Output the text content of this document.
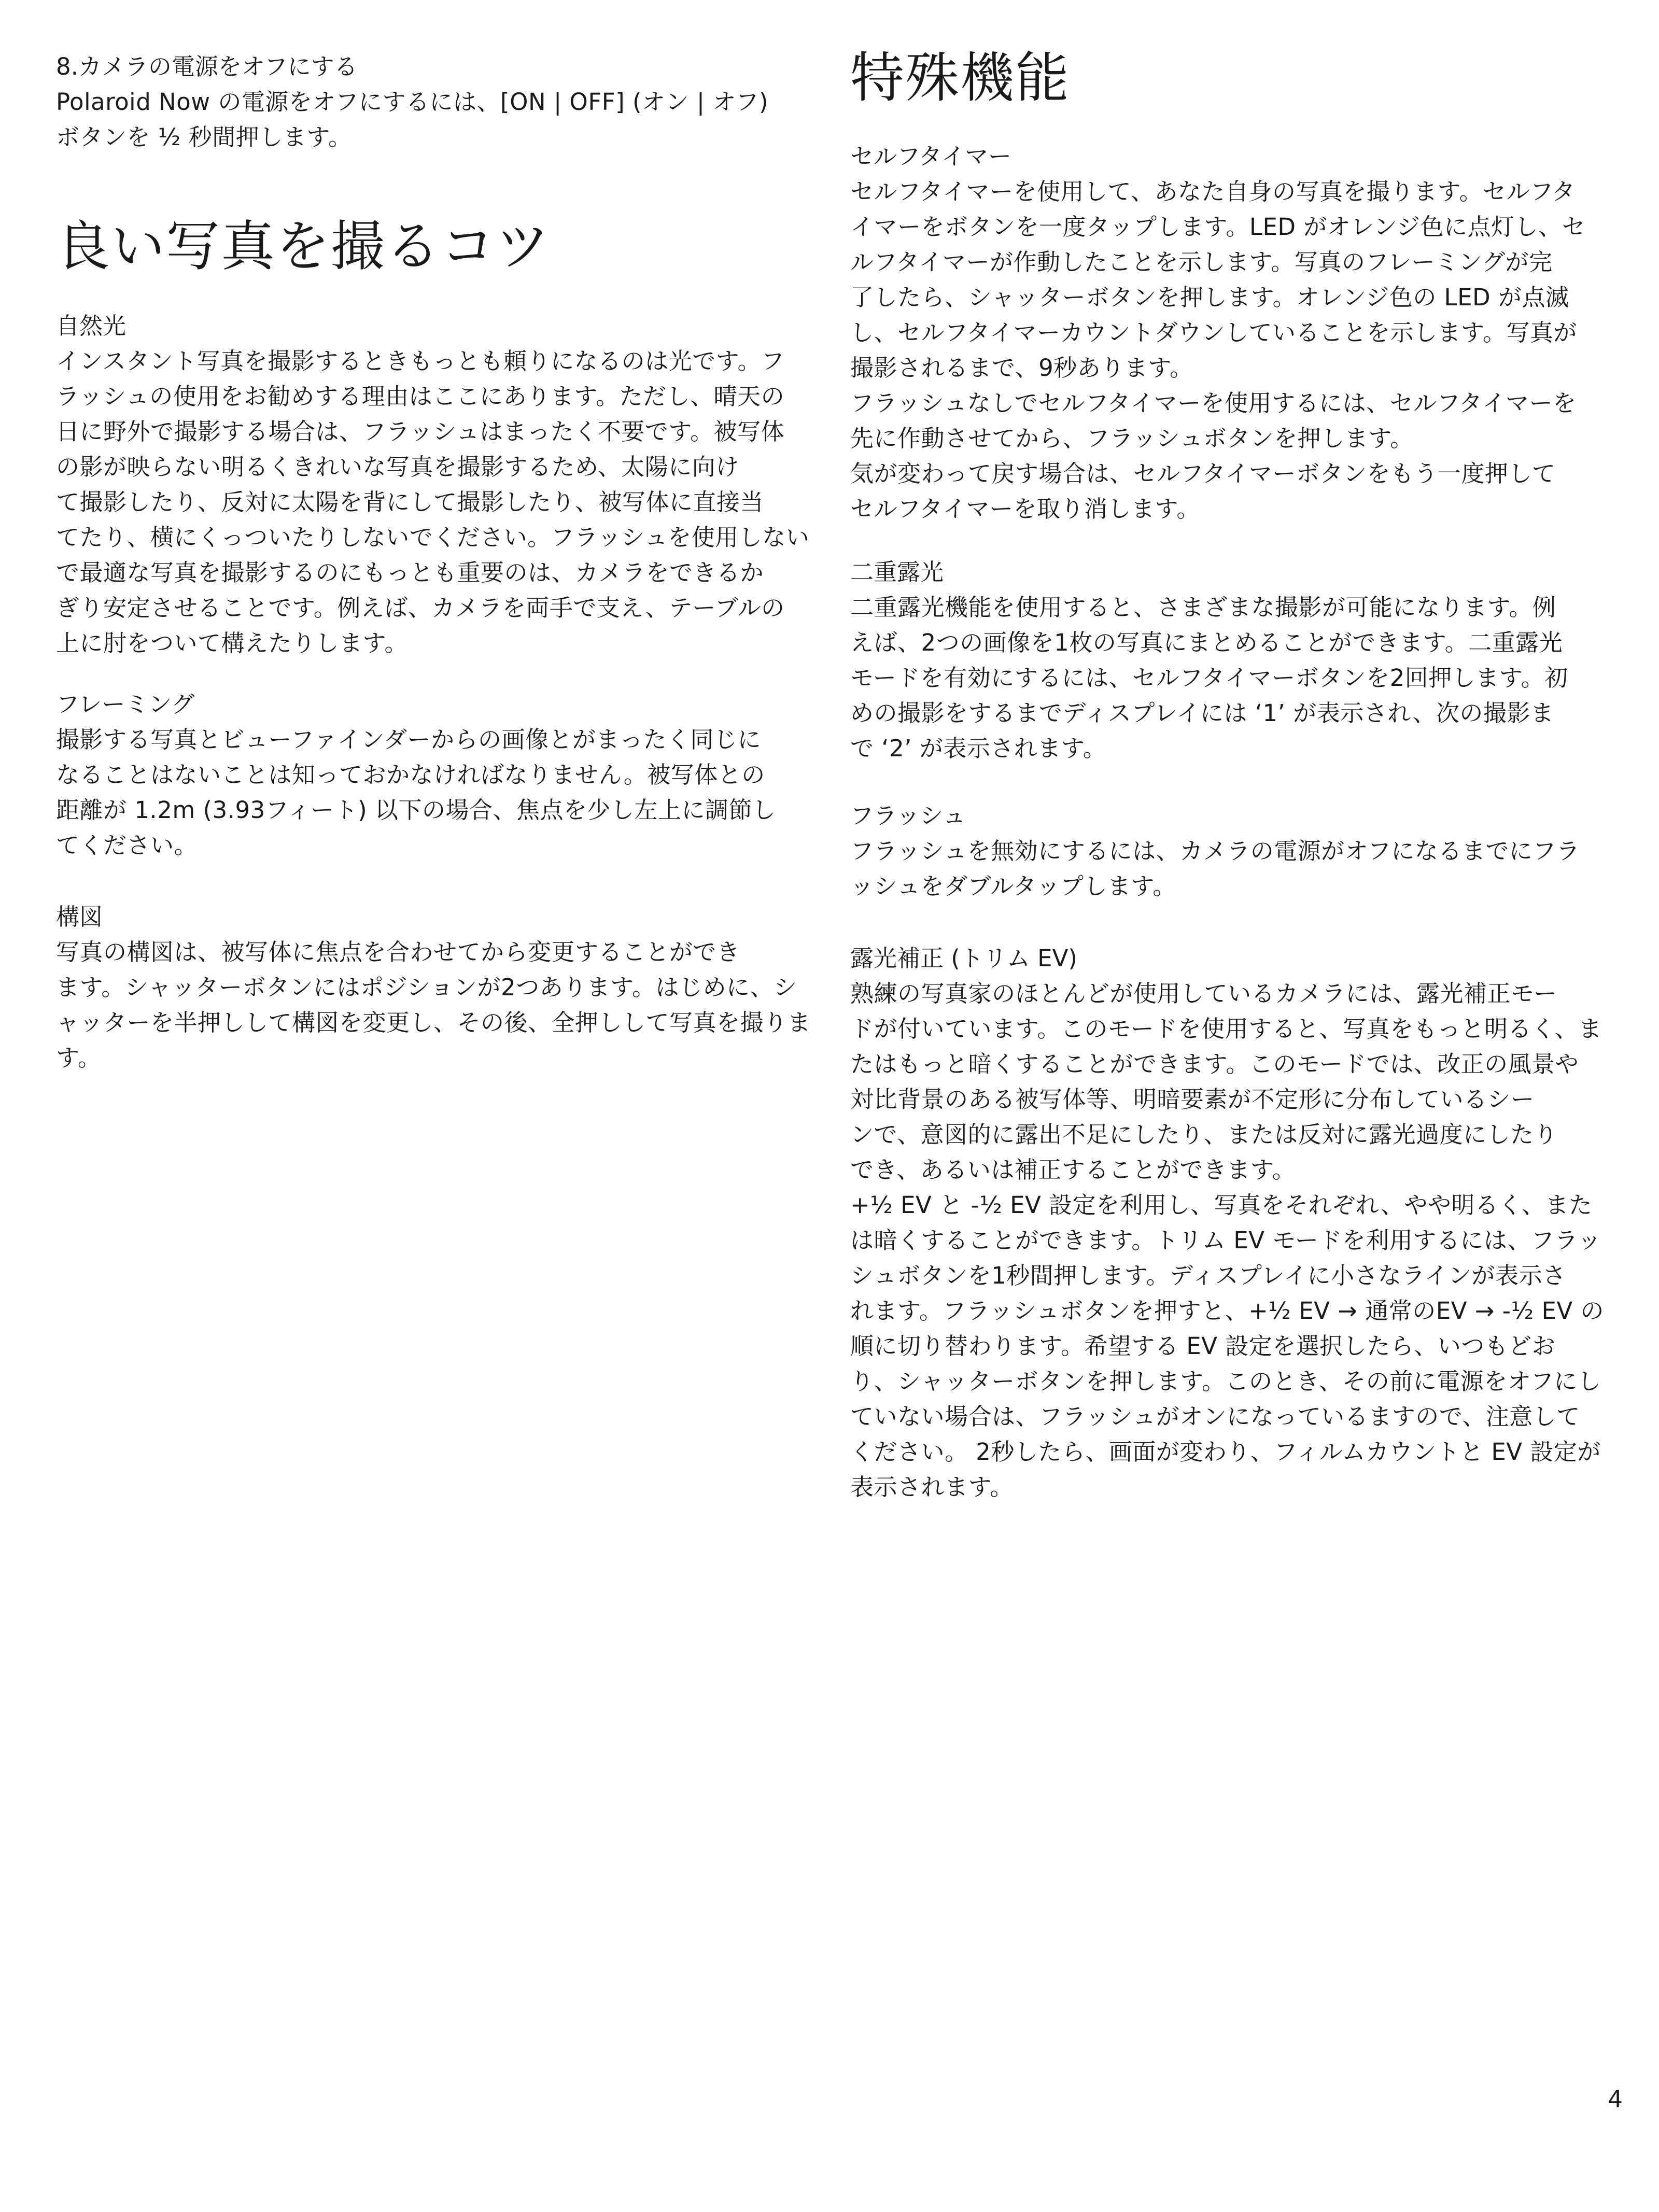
8.カメラの電源をオフにする

Polaroid Now の電源をオフにするには、[ON | OFF] (オン | オフ)
ボタンを ½ 秒間押します。

良い写真を撮るコツ

自然光

インスタント写真を撮影するときもっとも頼りになるのは光です。フ
ラッシュの使用をお勧めする理由はここにあります。ただし、晴天の
日に野外で撮影する場合は、フラッシュはまったく不要です。被写体
の影が映らない明るくきれいな写真を撮影するため、太陽に向け
て撮影したり、反対に太陽を背にして撮影したり、被写体に直接当
てたり、横にくっついたりしないでください。フラッシュを使用しない
で最適な写真を撮影するのにもっとも重要のは、カメラをできるか
ぎり安定させることです。例えば、カメラを両手で支え、テーブルの
上に肘をついて構えたりします。

フレーミング

撮影する写真とビューファインダーからの画像とがまったく同じに
なることはないことは知っておかなければなりません。被写体との
距離が 1.2m (3.93フィート) 以下の場合、焦点を少し左上に調節し
てください。

構図

写真の構図は、被写体に焦点を合わせてから変更することができ
ます。シャッターボタンにはポジションが2つあります。はじめに、シ
ャッターを半押しして構図を変更し、その後、全押しして写真を撮りま
す。

特殊機能

セルフタイマー

セルフタイマーを使用して、あなた自身の写真を撮ります。セルフタ
イマーをボタンを一度タップします。LED がオレンジ色に点灯し、セ
ルフタイマーが作動したことを示します。写真のフレーミングが完
了したら、シャッターボタンを押します。オレンジ色の LED が点滅
し、セルフタイマーカウントダウンしていることを示します。写真が
撮影されるまで、9秒あります。
フラッシュなしでセルフタイマーを使用するには、セルフタイマーを
先に作動させてから、フラッシュボタンを押します。
気が変わって戻す場合は、セルフタイマーボタンをもう一度押して
セルフタイマーを取り消します。

二重露光

二重露光機能を使用すると、さまざまな撮影が可能になります。例
えば、2つの画像を1枚の写真にまとめることができます。二重露光
モードを有効にするには、セルフタイマーボタンを2回押します。初
めの撮影をするまでディスプレイには ‘1’ が表示され、次の撮影ま
で ‘2’ が表示されます。

フラッシュ

フラッシュを無効にするには、カメラの電源がオフになるまでにフラ
ッシュをダブルタップします。

露光補正 (トリム EV)

熟練の写真家のほとんどが使用しているカメラには、露光補正モー
ドが付いています。このモードを使用すると、写真をもっと明るく、ま
たはもっと暗くすることができます。このモードでは、改正の風景や
対比背景のある被写体等、明暗要素が不定形に分布しているシー
ンで、意図的に露出不足にしたり、または反対に露光過度にしたり
でき、あるいは補正することができます。
+½ EV と -½ EV 設定を利用し、写真をそれぞれ、やや明るく、また
は暗くすることができます。トリム EV モードを利用するには、フラッ
シュボタンを1秒間押します。ディスプレイに小さなラインが表示さ
れます。フラッシュボタンを押すと、+½ EV → 通常のEV → -½ EV の
順に切り替わります。希望する EV 設定を選択したら、いつもどお
り、シャッターボタンを押します。このとき、その前に電源をオフにし
ていない場合は、フラッシュがオンになっているますので、注意して
ください。 2秒したら、画面が変わり、フィルムカウントと EV 設定が
表示されます。

4
